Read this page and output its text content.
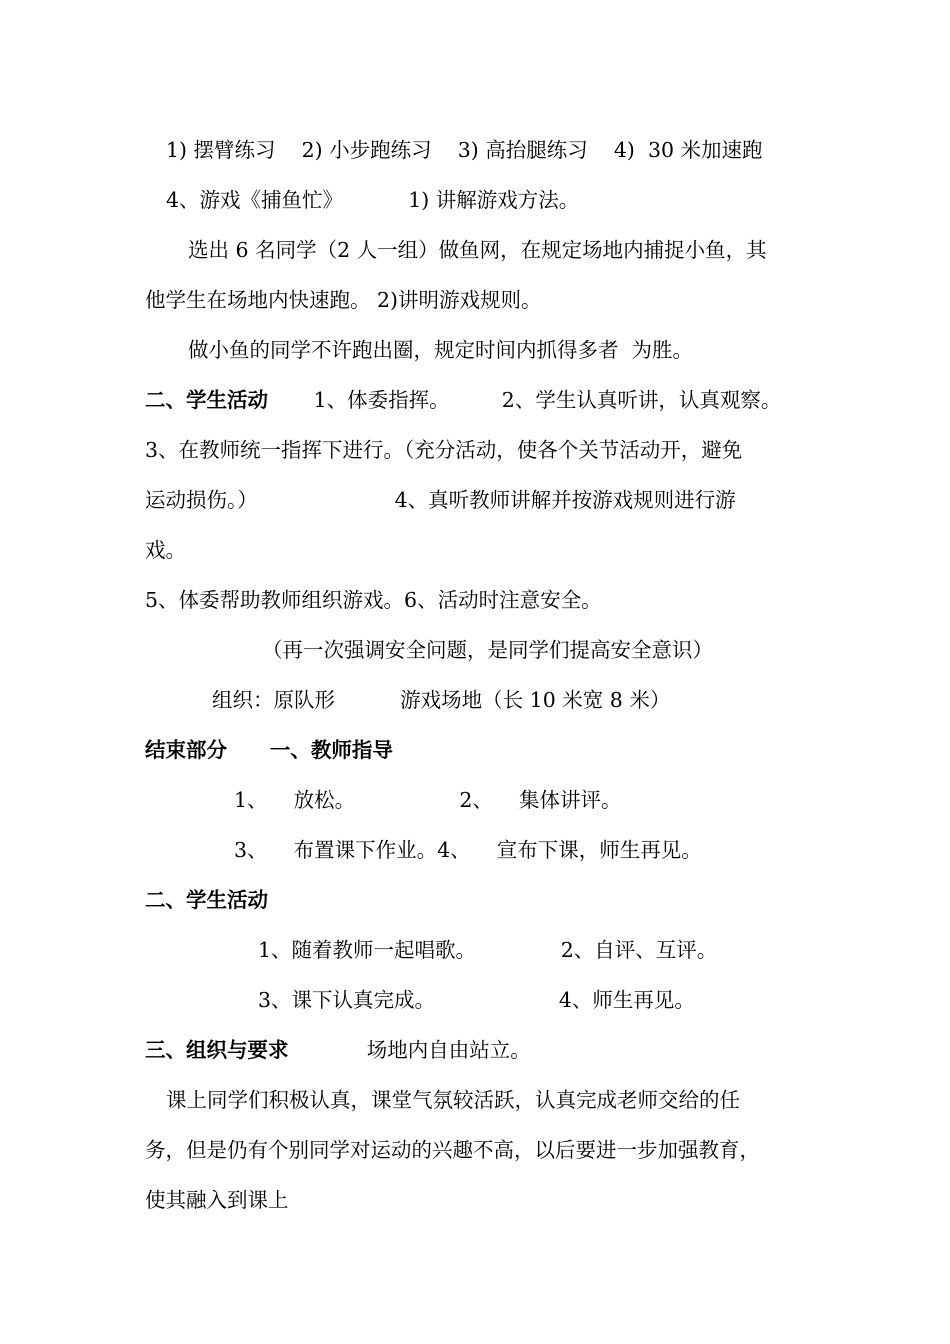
1) 摆臂练习    2) 小步跑练习    3) 高抬腿练习    4)  30 米加速跑
4、游戏《捕鱼忙》          1) 讲解游戏方法。
选出 6 名同学（2 人一组）做鱼网，在规定场地内捕捉小鱼，其
他学生在场地内快速跑。 2)讲明游戏规则。
做小鱼的同学不许跑出圈，规定时间内抓得多者  为胜。
二、学生活动       1、体委指挥。        2、学生认真听讲，认真观察。
3、在教师统一指挥下进行。（充分活动，使各个关节活动开，避免
运动损伤。）                     4、真听教师讲解并按游戏规则进行游
戏。
5、体委帮助教师组织游戏。6、活动时注意安全。
（再一次强调安全问题，是同学们提高安全意识）
组织：原队形          游戏场地（长 10 米宽 8 米）
结束部分      一、教师指导
1、    放松。                2、    集体讲评。
3、    布置课下作业。4、    宣布下课，师生再见。
二、学生活动
1、随着教师一起唱歌。             2、自评、互评。
3、课下认真完成。                   4、师生再见。
三、组织与要求            场地内自由站立。
课上同学们积极认真，课堂气氛较活跃，认真完成老师交给的任
务，但是仍有个别同学对运动的兴趣不高，以后要进一步加强教育，
使其融入到课上
